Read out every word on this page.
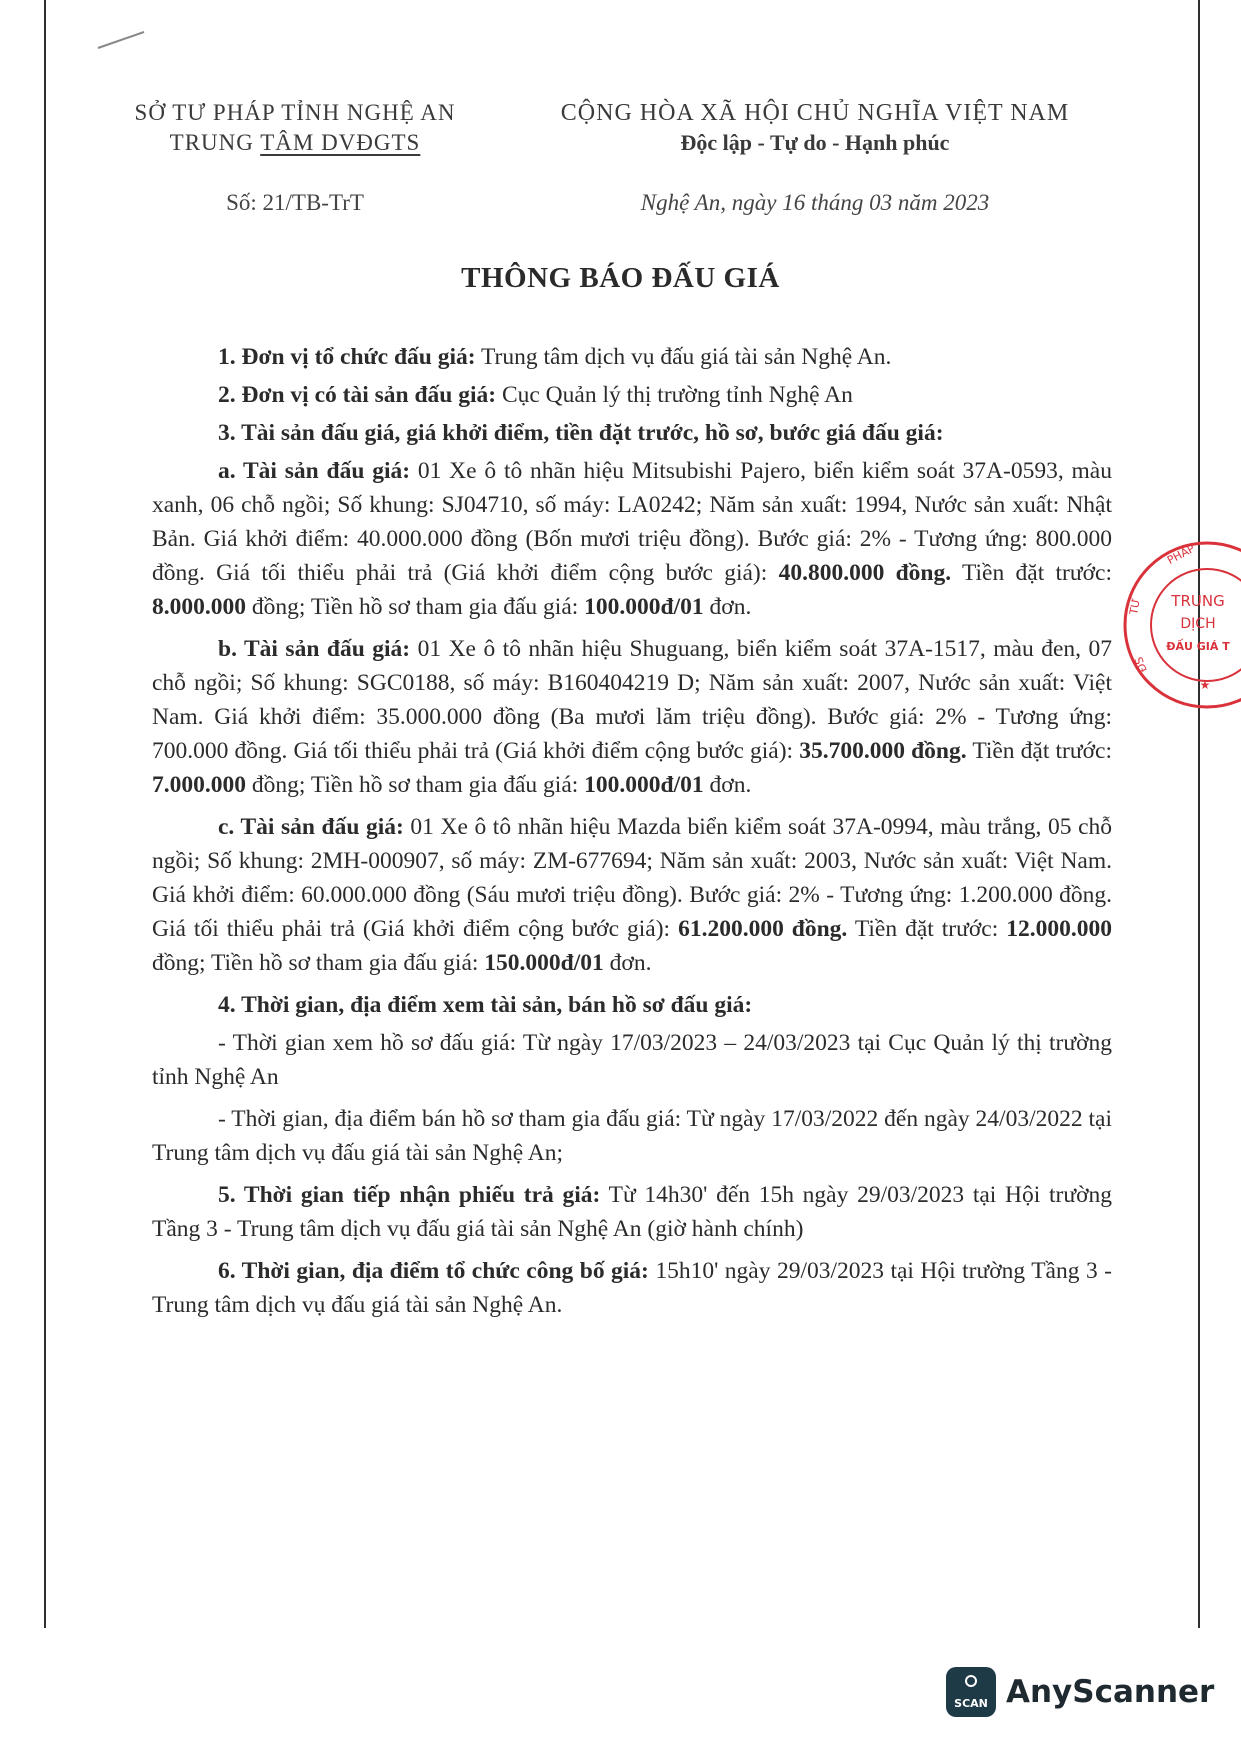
SỞ TƯ PHÁP TỈNH NGHỆ AN
TRUNG TÂM DVĐGTS
CỘNG HÒA XÃ HỘI CHỦ NGHĨA VIỆT NAM
Độc lập - Tự do - Hạnh phúc
Số: 21/TB-TrT	Nghệ An, ngày 16 tháng 03 năm 2023
THÔNG BÁO ĐẤU GIÁ

1. Đơn vị tổ chức đấu giá: Trung tâm dịch vụ đấu giá tài sản Nghệ An.

2. Đơn vị có tài sản đấu giá: Cục Quản lý thị trường tỉnh Nghệ An

3. Tài sản đấu giá, giá khởi điểm, tiền đặt trước, hồ sơ, bước giá đấu giá:

a. Tài sản đấu giá: 01 Xe ô tô nhãn hiệu Mitsubishi Pajero, biển kiểm soát 37A-0593, màu xanh, 06 chỗ ngồi; Số khung: SJ04710, số máy: LA0242; Năm sản xuất: 1994, Nước sản xuất: Nhật Bản. Giá khởi điểm: 40.000.000 đồng (Bốn mươi triệu đồng). Bước giá: 2% - Tương ứng: 800.000 đồng. Giá tối thiểu phải trả (Giá khởi điểm cộng bước giá): 40.800.000 đồng. Tiền đặt trước: 8.000.000 đồng; Tiền hồ sơ tham gia đấu giá: 100.000đ/01 đơn.

b. Tài sản đấu giá: 01 Xe ô tô nhãn hiệu Shuguang, biển kiểm soát 37A-1517, màu đen, 07 chỗ ngồi; Số khung: SGC0188, số máy: B160404219 D; Năm sản xuất: 2007, Nước sản xuất: Việt Nam. Giá khởi điểm: 35.000.000 đồng (Ba mươi lăm triệu đồng). Bước giá: 2% - Tương ứng: 700.000 đồng. Giá tối thiểu phải trả (Giá khởi điểm cộng bước giá): 35.700.000 đồng. Tiền đặt trước: 7.000.000 đồng; Tiền hồ sơ tham gia đấu giá: 100.000đ/01 đơn.

c. Tài sản đấu giá: 01 Xe ô tô nhãn hiệu Mazda biển kiểm soát 37A-0994, màu trắng, 05 chỗ ngồi; Số khung: 2MH-000907, số máy: ZM-677694; Năm sản xuất: 2003, Nước sản xuất: Việt Nam. Giá khởi điểm: 60.000.000 đồng (Sáu mươi triệu đồng). Bước giá: 2% - Tương ứng: 1.200.000 đồng. Giá tối thiểu phải trả (Giá khởi điểm cộng bước giá): 61.200.000 đồng. Tiền đặt trước: 12.000.000 đồng; Tiền hồ sơ tham gia đấu giá: 150.000đ/01 đơn.

4. Thời gian, địa điểm xem tài sản, bán hồ sơ đấu giá:

- Thời gian xem hồ sơ đấu giá: Từ ngày 17/03/2023 – 24/03/2023 tại Cục Quản lý thị trường tỉnh Nghệ An

- Thời gian, địa điểm bán hồ sơ tham gia đấu giá: Từ ngày 17/03/2022 đến ngày 24/03/2022 tại Trung tâm dịch vụ đấu giá tài sản Nghệ An;

5. Thời gian tiếp nhận phiếu trả giá: Từ 14h30' đến 15h ngày 29/03/2023 tại Hội trường Tầng 3 - Trung tâm dịch vụ đấu giá tài sản Nghệ An (giờ hành chính)

6. Thời gian, địa điểm tổ chức công bố giá: 15h10' ngày 29/03/2023 tại Hội trường Tầng 3 - Trung tâm dịch vụ đấu giá tài sản Nghệ An.

PHÁP
TƯ
ĐS
TRUNG
DỊCH
ĐẤU GIÁ T
★
SCAN AnyScanner
